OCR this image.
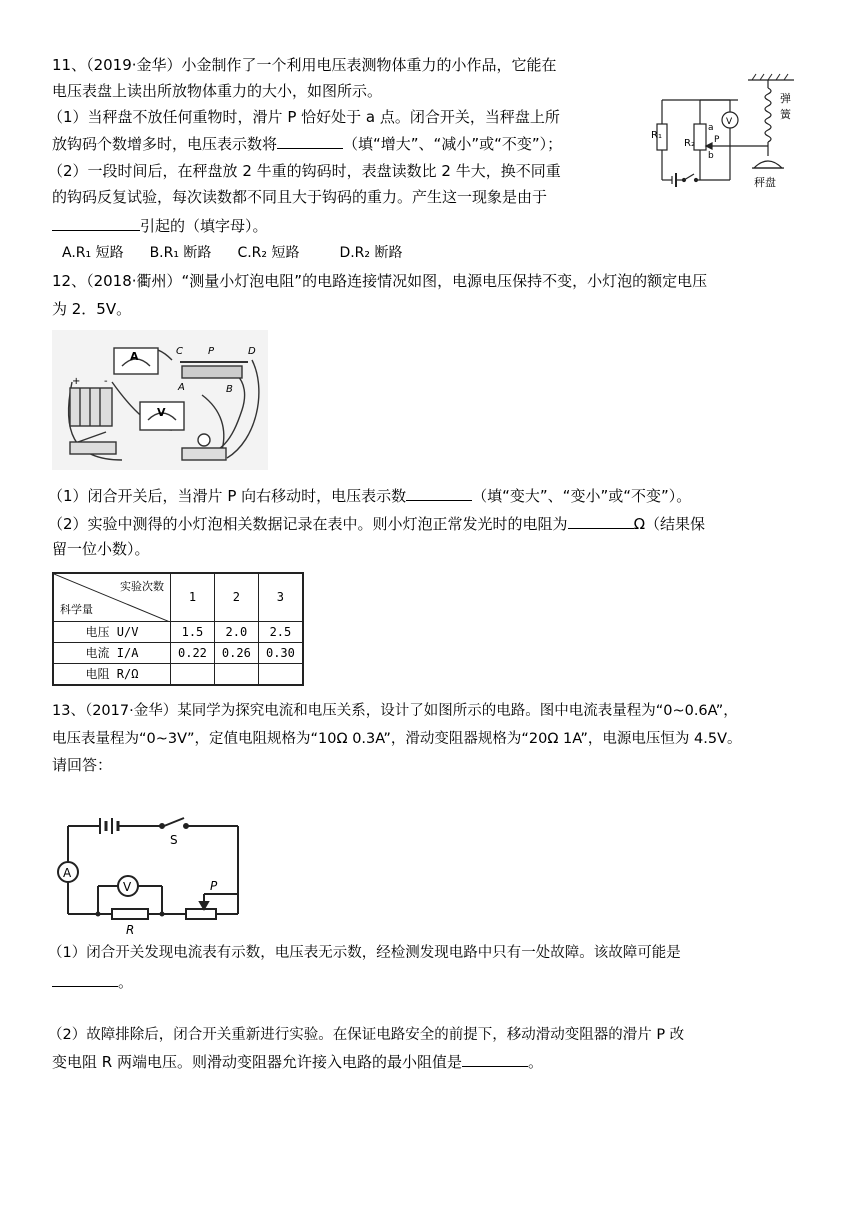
11、（2019·金华）小金制作了一个利用电压表测物体重力的小作品，它能在
电压表盘上读出所放物体重力的大小，如图所示。
（1）当秤盘不放任何重物时，滑片 P 恰好处于 a 点。闭合开关，当秤盘上所
放钩码个数增多时，电压表示数将	（填“增大”、“减小”或“不变”）；
（2）一段时间后，在秤盘放 2 牛重的钩码时，表盘读数比 2 牛大，换不同重
的钩码反复试验，每次读数都不同且大于钩码的重力。产生这一现象是由于
引起的（填字母）。
A.R₁ 短路 B.R₁ 断路 C.R₂ 短路	D.R₂ 断路
R₁
R₂
a
b
P
V
弹
簧
秤盘
12、（2018·衢州）“测量小灯泡电阻”的电路连接情况如图，电源电压保持不变，小灯泡的额定电压
为 2．5V。
A
V
C	P	D
A	B
+ -
（1）闭合开关后，当滑片 P 向右移动时，电压表示数	（填“变大”、“变小”或“不变”）。
（2）实验中测得的小灯泡相关数据记录在表中。则小灯泡正常发光时的电阻为	Ω（结果保
留一位小数）。
实验次数
科学量	1	2	3
电压 U/V	1.5	2.0	2.5
电流 I/A	0.22	0.26	0.30
电阻 R/Ω			
13、（2017·金华）某同学为探究电流和电压关系，设计了如图所示的电路。图中电流表量程为“0~0.6A”，
电压表量程为“0~3V”，定值电阻规格为“10Ω 0.3A”，滑动变阻器规格为“20Ω 1A”，电源电压恒为 4.5V。
请回答：
A
V
S
P
R
（1）闭合开关发现电流表有示数，电压表无示数，经检测发现电路中只有一处故障。该故障可能是
。
（2）故障排除后，闭合开关重新进行实验。在保证电路安全的前提下，移动滑动变阻器的滑片 P 改
变电阻 R 两端电压。则滑动变阻器允许接入电路的最小阻值是	。
